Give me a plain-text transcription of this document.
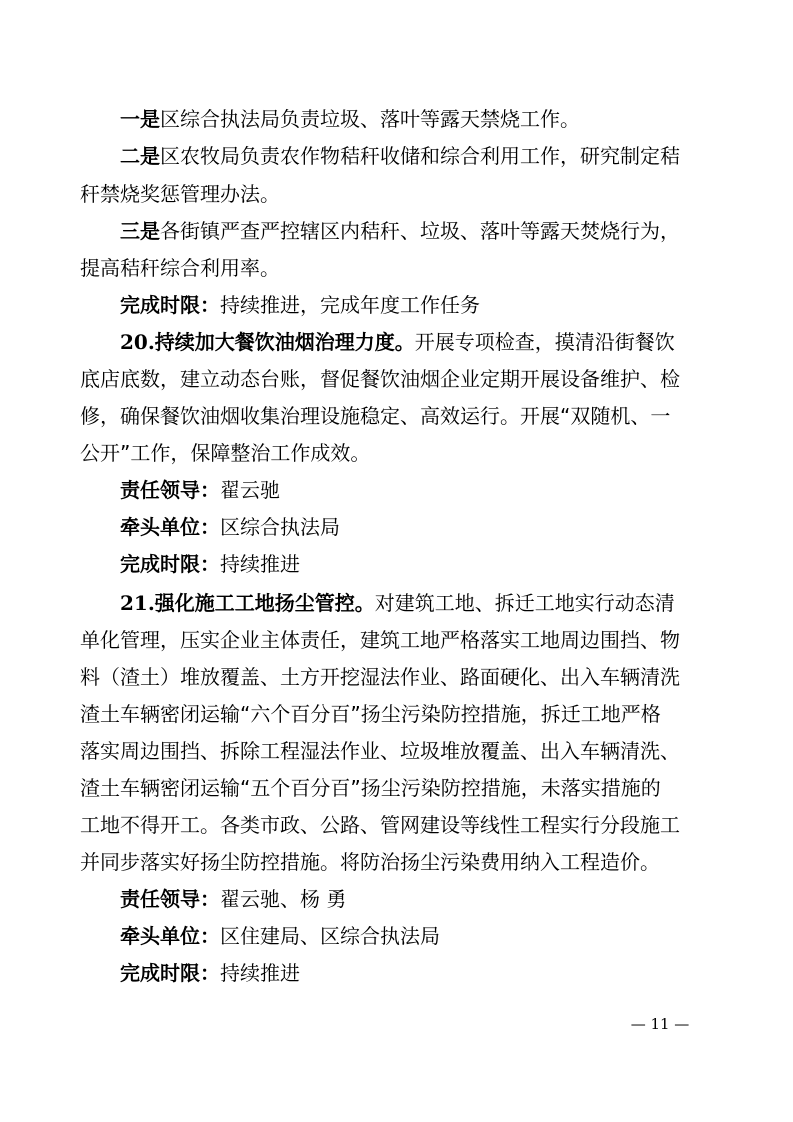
一是区综合执法局负责垃圾、落叶等露天禁烧工作。

二是区农牧局负责农作物秸秆收储和综合利用工作，研究制定秸

秆禁烧奖惩管理办法。

三是各街镇严查严控辖区内秸秆、垃圾、落叶等露天焚烧行为，

提高秸秆综合利用率。

完成时限：持续推进，完成年度工作任务

20.持续加大餐饮油烟治理力度。开展专项检查，摸清沿街餐饮

底店底数，建立动态台账，督促餐饮油烟企业定期开展设备维护、检

修，确保餐饮油烟收集治理设施稳定、高效运行。开展“双随机、一

公开”工作，保障整治工作成效。

责任领导：翟云驰

牵头单位：区综合执法局

完成时限：持续推进

21.强化施工工地扬尘管控。对建筑工地、拆迁工地实行动态清

单化管理，压实企业主体责任，建筑工地严格落实工地周边围挡、物

料（渣土）堆放覆盖、土方开挖湿法作业、路面硬化、出入车辆清洗

渣土车辆密闭运输“六个百分百”扬尘污染防控措施，拆迁工地严格

落实周边围挡、拆除工程湿法作业、垃圾堆放覆盖、出入车辆清洗、

渣土车辆密闭运输“五个百分百”扬尘污染防控措施，未落实措施的

工地不得开工。各类市政、公路、管网建设等线性工程实行分段施工

并同步落实好扬尘防控措施。将防治扬尘污染费用纳入工程造价。

责任领导：翟云驰、杨 勇

牵头单位：区住建局、区综合执法局

完成时限：持续推进

— 11 —
